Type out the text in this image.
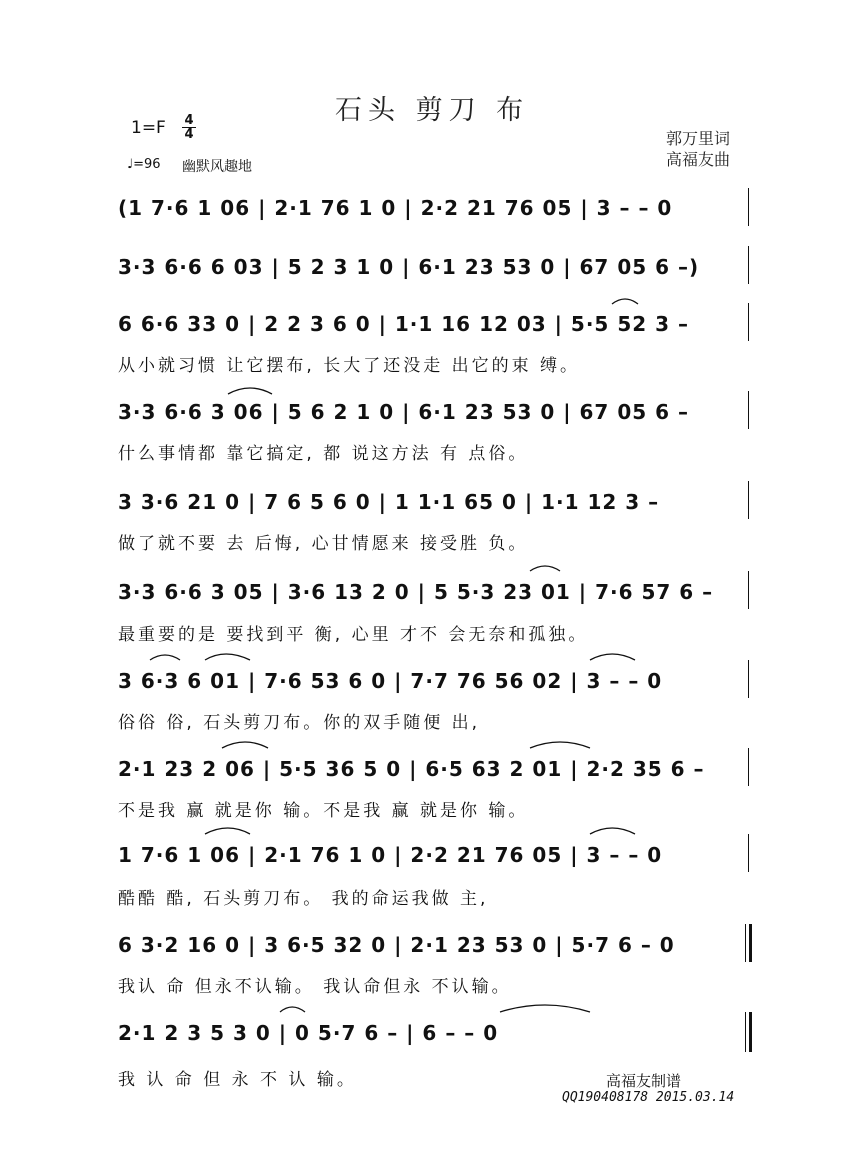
石头 剪刀 布
1=F 4
4
♩=96 幽默风趣地
郭万里词
高福友曲
(1 7·6 1 06 | 2·1 76 1 0 | 2·2 21 76 05 | 3 – – 0
3·3 6·6 6 03 | 5 2 3 1 0 | 6·1 23 53 0 | 67 05 6 –)
6 6·6 33 0 | 2 2 3 6 0 | 1·1 16 12 03 | 5·5 52 3 –
从小就习惯 让它摆布, 长大了还没走 出它的束 缚。
3·3 6·6 3 06 | 5 6 2 1 0 | 6·1 23 53 0 | 67 05 6 –
什么事情都 靠它搞定, 都 说这方法 有 点俗。
3 3·6 21 0 | 7 6 5 6 0 | 1 1·1 65 0 | 1·1 12 3 –
做了就不要 去 后悔, 心甘情愿来 接受胜 负。
3·3 6·6 3 05 | 3·6 13 2 0 | 5 5·3 23 01 | 7·6 57 6 –
最重要的是 要找到平 衡, 心里 才不 会无奈和孤独。
3 6·3 6 01 | 7·6 53 6 0 | 7·7 76 56 02 | 3 – – 0
俗俗 俗, 石头剪刀布。你的双手随便 出,
2·1 23 2 06 | 5·5 36 5 0 | 6·5 63 2 01 | 2·2 35 6 –
不是我 赢 就是你 输。不是我 赢 就是你 输。
1 7·6 1 06 | 2·1 76 1 0 | 2·2 21 76 05 | 3 – – 0
酷酷 酷, 石头剪刀布。 我的命运我做 主,
6 3·2 16 0 | 3 6·5 32 0 | 2·1 23 53 0 | 5·7 6 – 0
我认 命 但永不认输。 我认命但永 不认输。
2·1 2 3 5 3 0 | 0 5·7 6 – | 6 – – 0
我 认 命 但 永 不 认 输。	高福友制谱
QQ190408178 2015.03.14
